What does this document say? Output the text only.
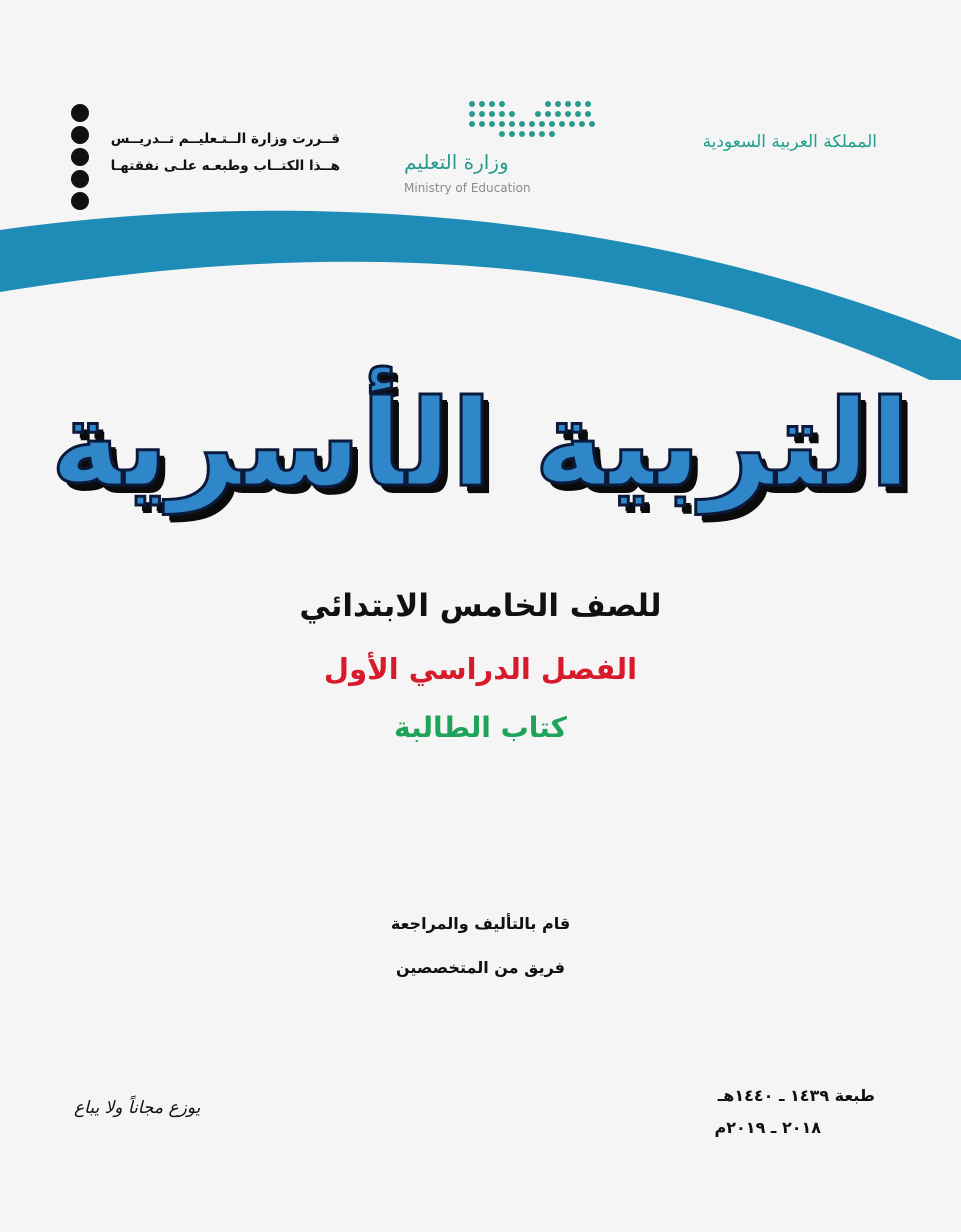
المملكة العربية السعودية
وزارة التعليم
Ministry of Education
قــررت وزارة الــتـعليــم تــدريــس
هــذا الكتــاب وطبعـه علـى نفقتهـا
التربية الأسرية
للصف الخامس الابتدائي
الفصل الدراسي الأول
كتاب الطالبة
قام بالتأليف والمراجعة
فريق من المتخصصين
طبعة ١٤٣٩ ـ ١٤٤٠هـ
٢٠١٨ ـ ٢٠١٩م
يوزع مجاناً ولا يباع
